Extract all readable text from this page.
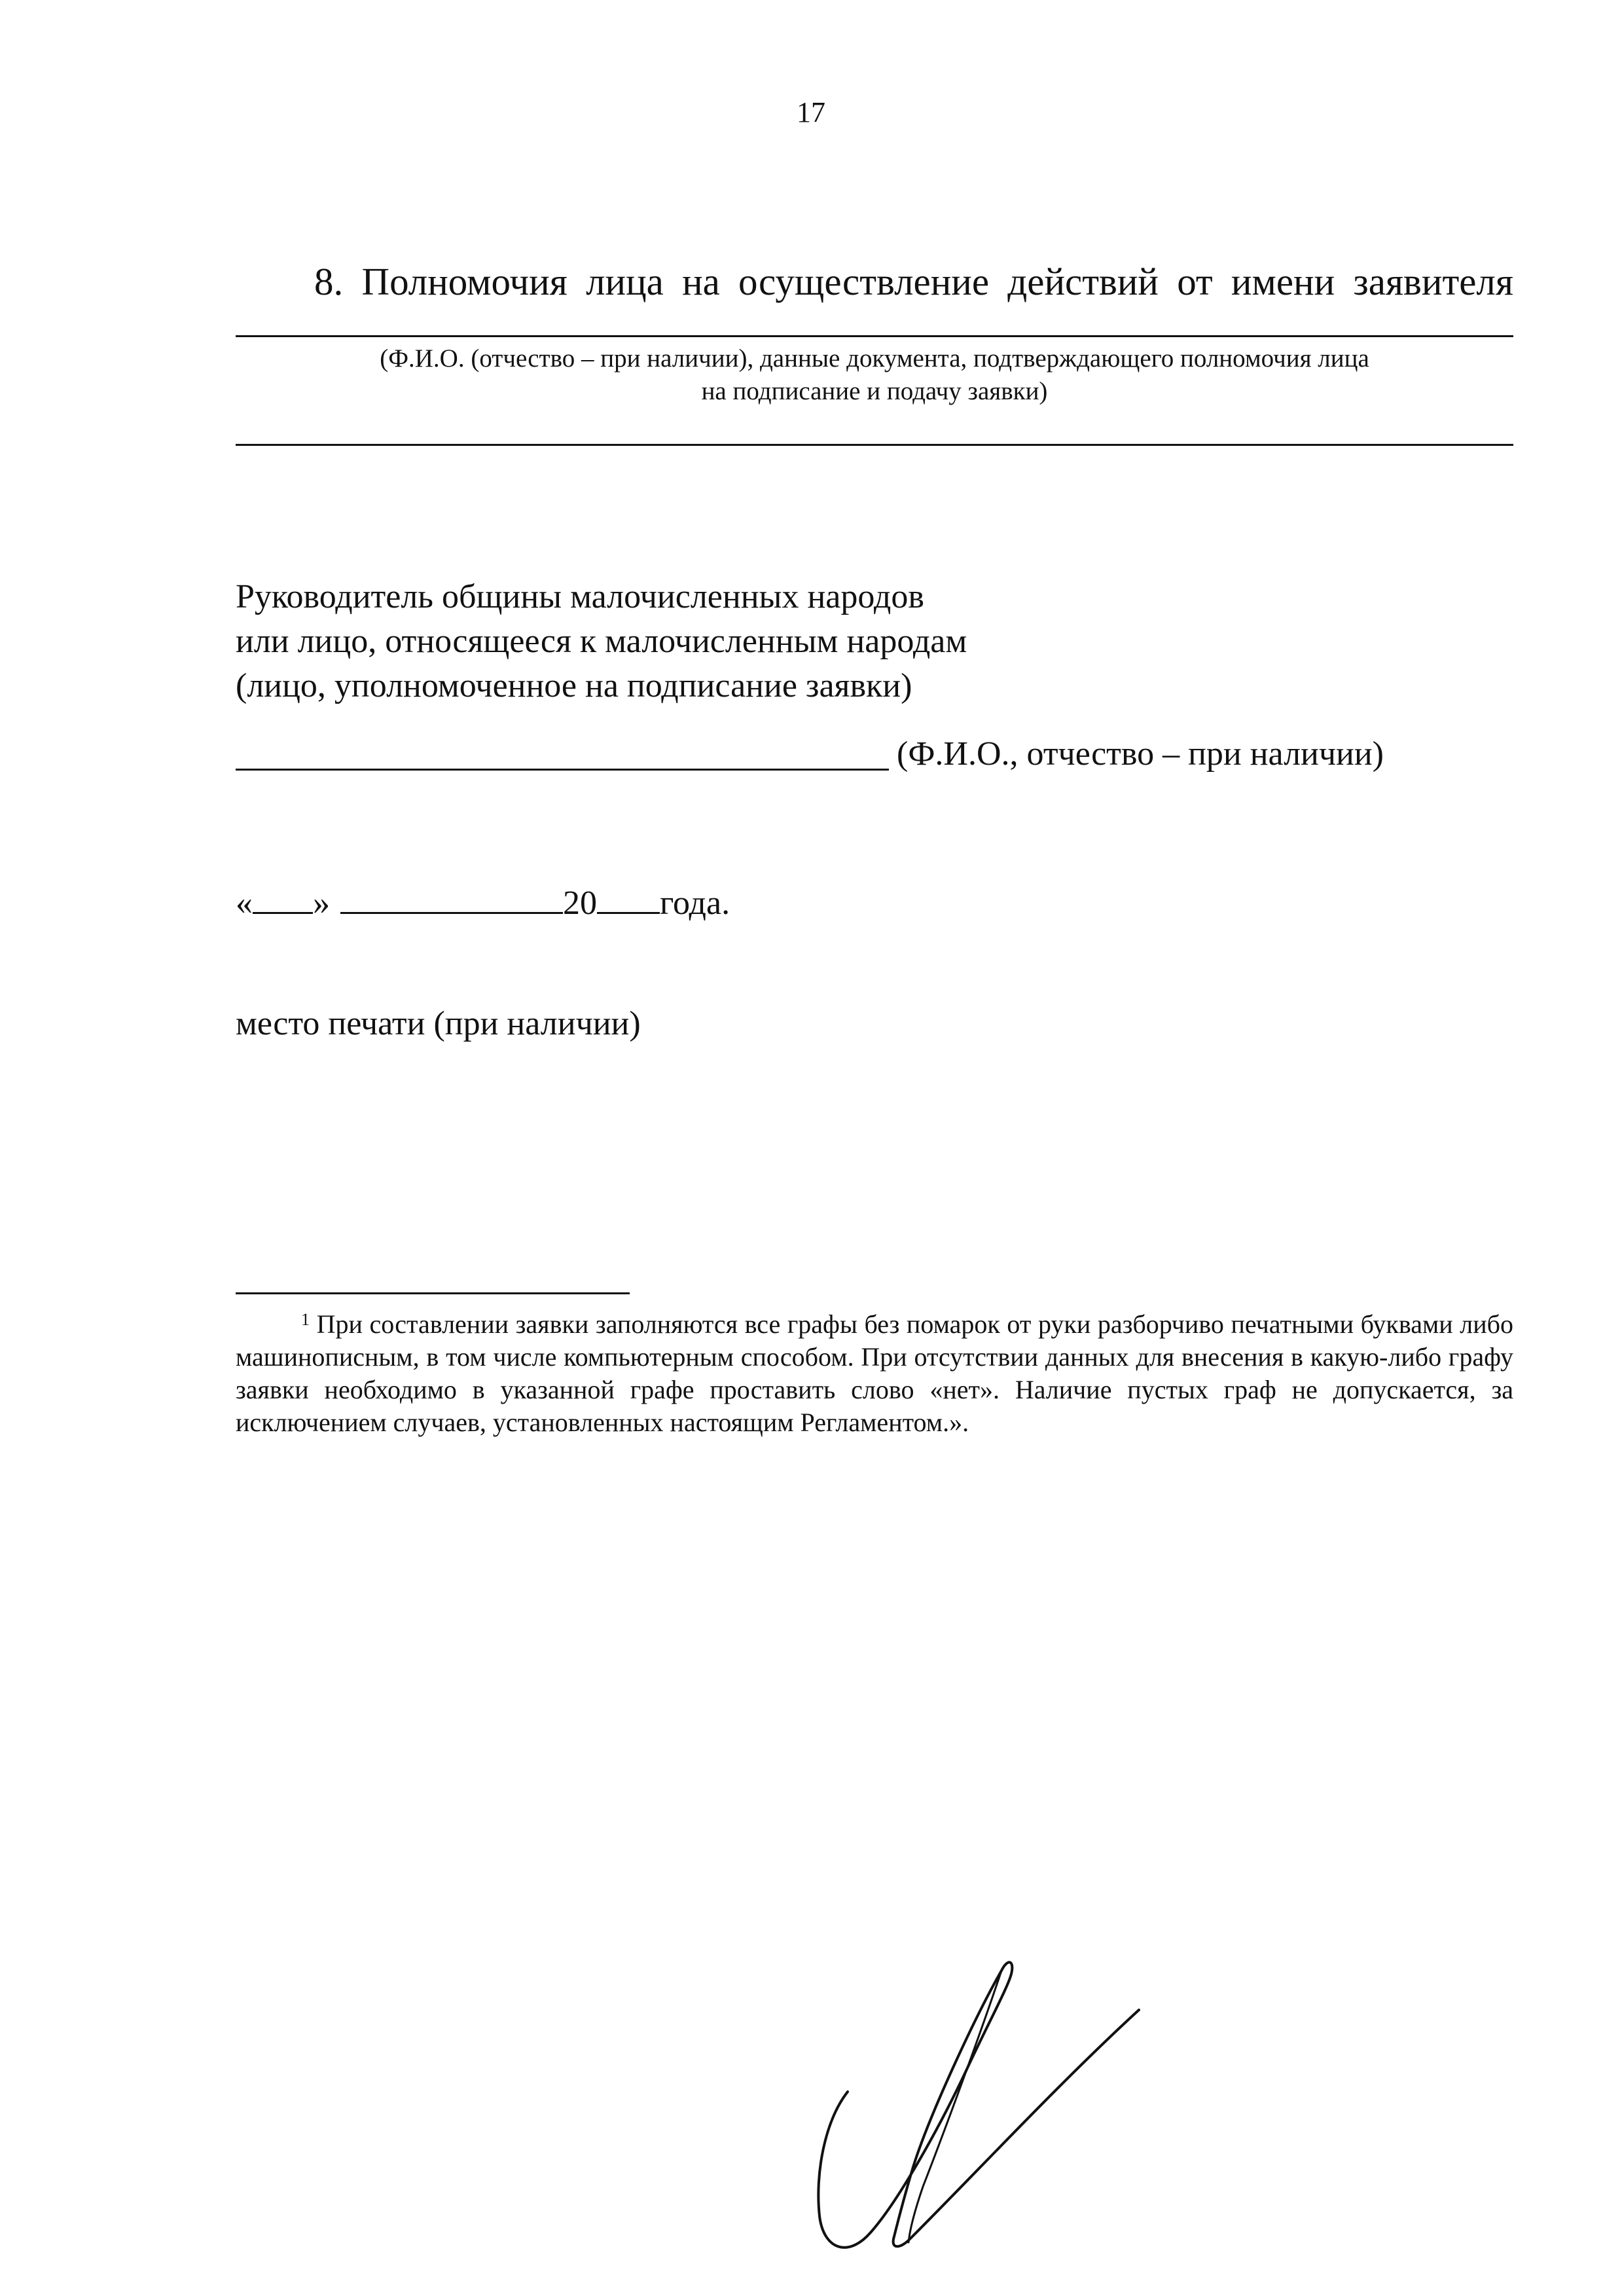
17
8. Полномочия лица на осуществление действий от имени заявителя
(Ф.И.О. (отчество – при наличии), данные документа, подтверждающего полномочия лица
на подписание и подачу заявки)
Руководитель общины малочисленных народов
или лицо, относящееся к малочисленным народам
(лицо, уполномоченное на подписание заявки)
(Ф.И.О., отчество – при наличии)
« »	20 года.
место печати (при наличии)
$^1$ При составлении заявки заполняются все графы без помарок от руки разборчиво печатными буквами либо машинописным, в том числе компьютерным способом. При отсутствии данных для внесения в какую-либо графу заявки необходимо в указанной графе проставить слово «нет». Наличие пустых граф не допускается, за исключением случаев, установленных настоящим Регламентом.».
